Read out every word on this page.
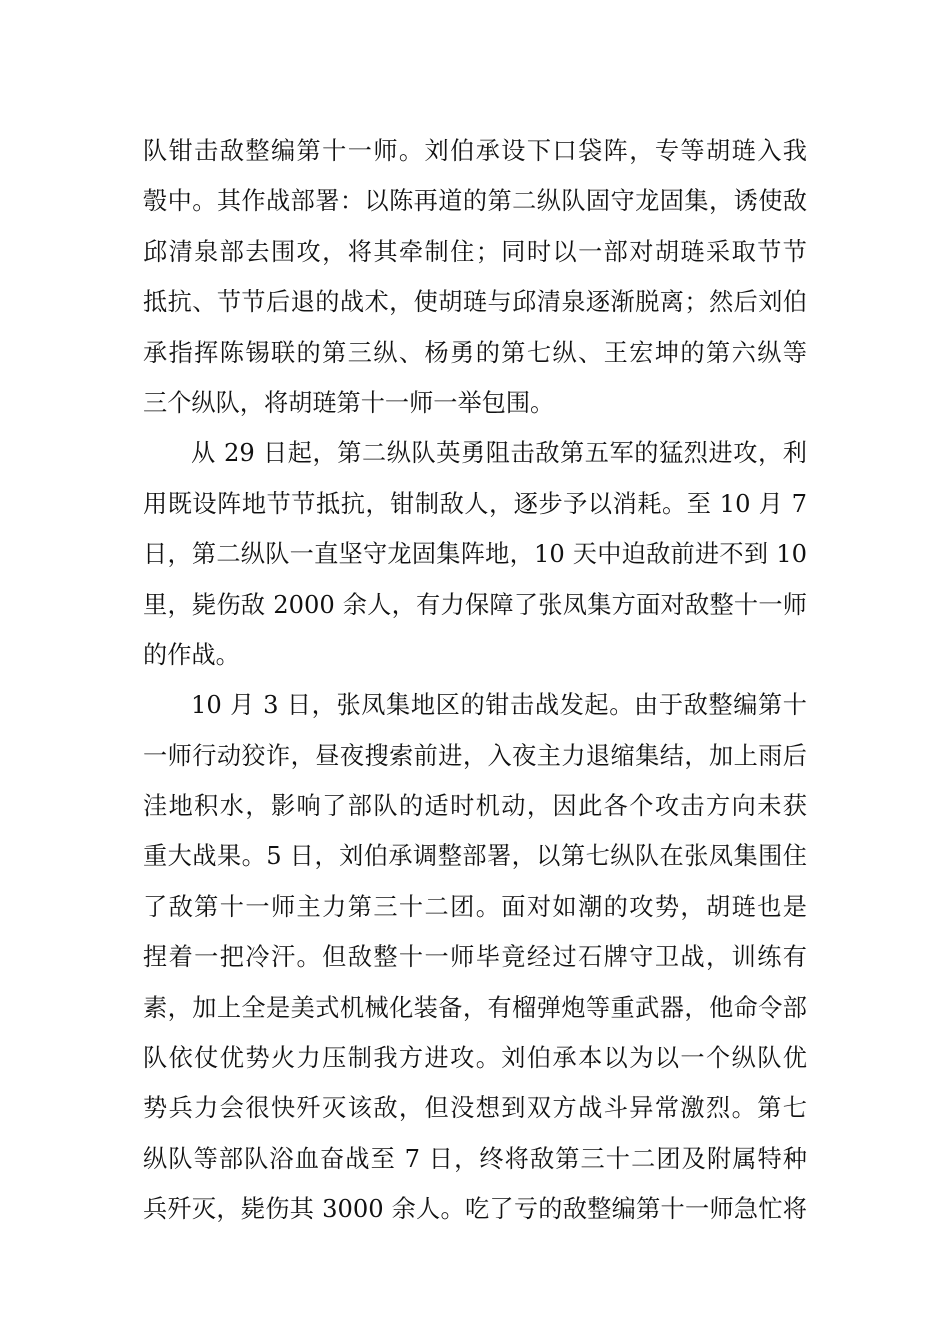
队钳击敌整编第十一师。刘伯承设下口袋阵，专等胡琏入我
彀中。其作战部署：以陈再道的第二纵队固守龙固集，诱使敌
邱清泉部去围攻，将其牵制住；同时以一部对胡琏采取节节
抵抗、节节后退的战术，使胡琏与邱清泉逐渐脱离；然后刘伯
承指挥陈锡联的第三纵、杨勇的第七纵、王宏坤的第六纵等
三个纵队，将胡琏第十一师一举包围。
从 29 日起，第二纵队英勇阻击敌第五军的猛烈进攻，利
用既设阵地节节抵抗，钳制敌人，逐步予以消耗。至 10 月 7
日，第二纵队一直坚守龙固集阵地，10 天中迫敌前进不到 10
里，毙伤敌 2000 余人，有力保障了张凤集方面对敌整十一师
的作战。
10 月 3 日，张凤集地区的钳击战发起。由于敌整编第十
一师行动狡诈，昼夜搜索前进，入夜主力退缩集结，加上雨后
洼地积水，影响了部队的适时机动，因此各个攻击方向未获
重大战果。5 日，刘伯承调整部署，以第七纵队在张凤集围住
了敌第十一师主力第三十二团。面对如潮的攻势，胡琏也是
捏着一把冷汗。但敌整十一师毕竟经过石牌守卫战，训练有
素，加上全是美式机械化装备，有榴弹炮等重武器，他命令部
队依仗优势火力压制我方进攻。刘伯承本以为以一个纵队优
势兵力会很快歼灭该敌，但没想到双方战斗异常激烈。第七
纵队等部队浴血奋战至 7 日，终将敌第三十二团及附属特种
兵歼灭，毙伤其 3000 余人。吃了亏的敌整编第十一师急忙将
